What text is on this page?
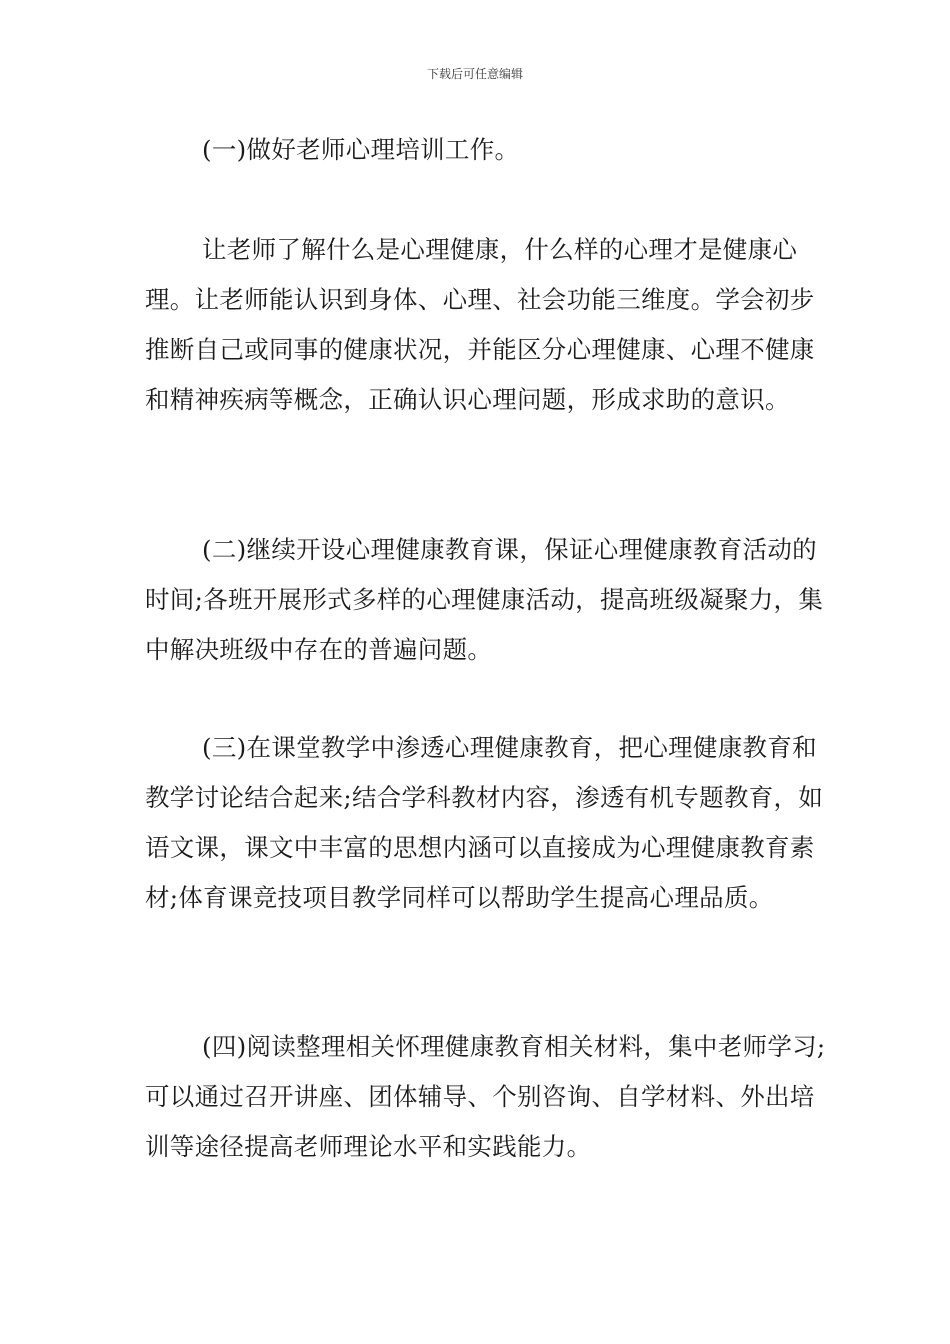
下载后可任意编辑

(一)做好老师心理培训工作。

让老师了解什么是心理健康，什么样的心理才是健康心理。让老师能认识到身体、心理、社会功能三维度。学会初步推断自己或同事的健康状况，并能区分心理健康、心理不健康和精神疾病等概念，正确认识心理问题，形成求助的意识。

(二)继续开设心理健康教育课，保证心理健康教育活动的时间;各班开展形式多样的心理健康活动，提高班级凝聚力，集中解决班级中存在的普遍问题。

(三)在课堂教学中渗透心理健康教育，把心理健康教育和教学讨论结合起来;结合学科教材内容，渗透有机专题教育，如语文课，课文中丰富的思想内涵可以直接成为心理健康教育素材;体育课竞技项目教学同样可以帮助学生提高心理品质。

(四)阅读整理相关怀理健康教育相关材料，集中老师学习;可以通过召开讲座、团体辅导、个别咨询、自学材料、外出培训等途径提高老师理论水平和实践能力。
